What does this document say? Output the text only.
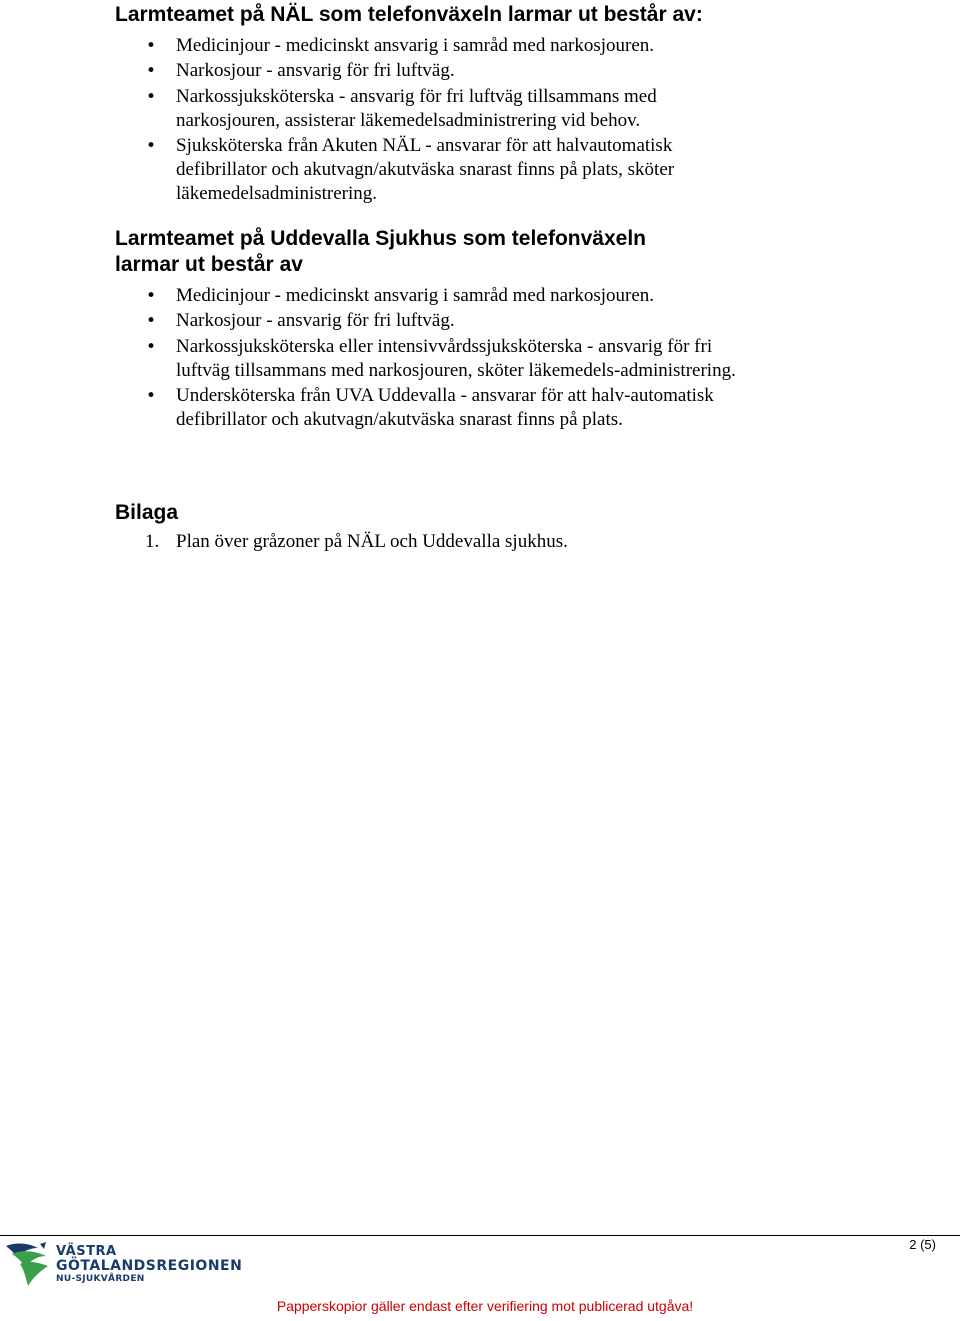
Larmteamet på NÄL som telefonväxeln larmar ut består av:
• Medicinjour - medicinskt ansvarig i samråd med narkosjouren.
• Narkosjour - ansvarig för fri luftväg.
• Narkossjuksköterska - ansvarig för fri luftväg tillsammans med narkosjouren, assisterar läkemedelsadministrering vid behov.
• Sjuksköterska från Akuten NÄL - ansvarar för att halvautomatisk defibrillator och akutvagn/akutväska snarast finns på plats, sköter läkemedelsadministrering.
Larmteamet på Uddevalla Sjukhus som telefonväxeln
larmar ut består av
• Medicinjour - medicinskt ansvarig i samråd med narkosjouren.
• Narkosjour - ansvarig för fri luftväg.
• Narkossjuksköterska eller intensivvårdssjuksköterska - ansvarig för fri luftväg tillsammans med narkosjouren, sköter läkemedels-administrering.
• Undersköterska från UVA Uddevalla - ansvarar för att halv-automatisk defibrillator och akutvagn/akutväska snarast finns på plats.
Bilaga
1. Plan över gråzoner på NÄL och Uddevalla sjukhus.
2 (5)
VÄSTRA
GÖTALANDSREGIONEN
NU-SJUKVÅRDEN
Papperskopior gäller endast efter verifiering mot publicerad utgåva!
